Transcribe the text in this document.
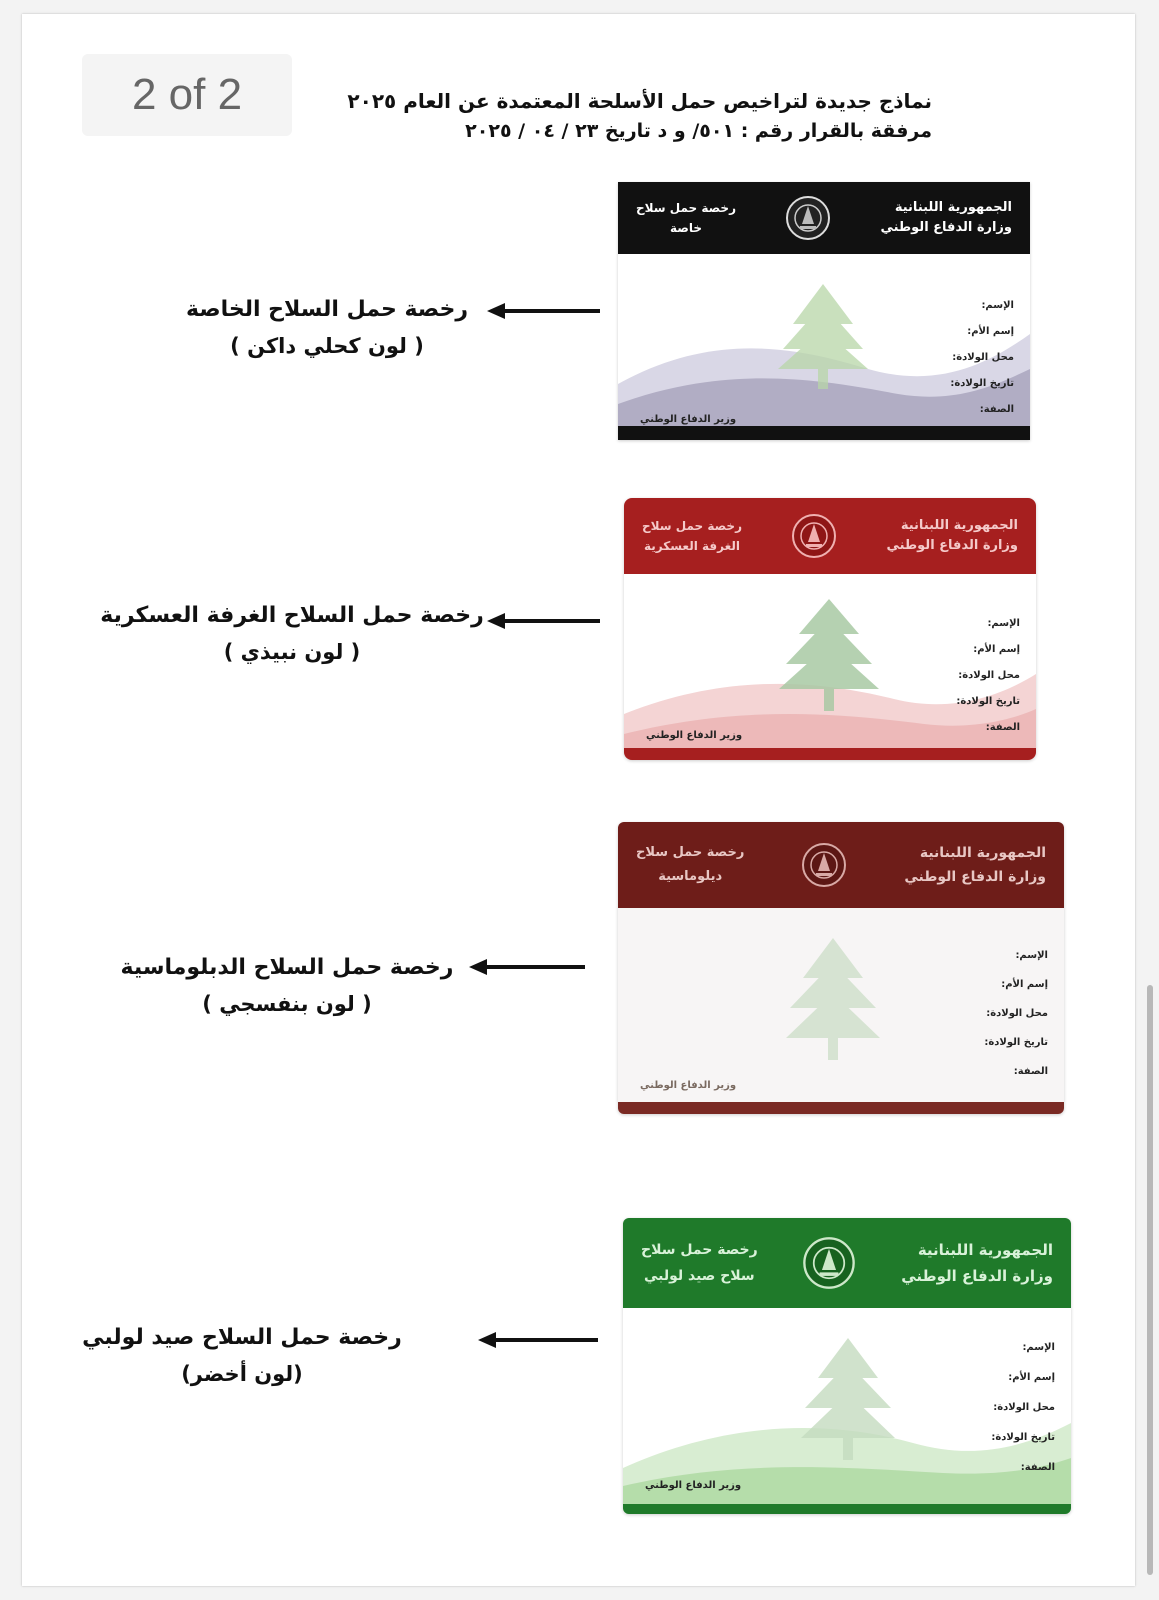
2 of 2	نماذج جديدة لتراخيص حمل الأسلحة المعتمدة عن العام ٢٠٢٥
مرفقة بالقرار رقم : ٥٠١/ و د تاريخ ٢٣ / ٠٤ / ٢٠٢٥
رخصة حمل السلاح الخاصة
( لون كحلي داكن )
الجمهورية اللبنانية
وزارة الدفاع الوطني
رخصة حمل سلاح
خاصة
الإسم:
إسم الأم:
محل الولادة:
تاريخ الولادة:
الصفة:
وزير الدفاع الوطني
رخصة حمل السلاح الغرفة العسكرية
( لون نبيذي )
الجمهورية اللبنانية
وزارة الدفاع الوطني
رخصة حمل سلاح
الغرفة العسكرية
الإسم:
إسم الأم:
محل الولادة:
تاريخ الولادة:
الصفة:
وزير الدفاع الوطني
رخصة حمل السلاح الدبلوماسية
( لون بنفسجي )
الجمهورية اللبنانية
وزارة الدفاع الوطني
رخصة حمل سلاح
ديلوماسية
الإسم:
إسم الأم:
محل الولادة:
تاريخ الولادة:
الصفة:
وزير الدفاع الوطني
رخصة حمل السلاح صيد لولبي
(لون أخضر)
الجمهورية اللبنانية
وزارة الدفاع الوطني
رخصة حمل سلاح
سلاح صيد لولبي
الإسم:
إسم الأم:
محل الولادة:
تاريخ الولادة:
الصفة:
وزير الدفاع الوطني
